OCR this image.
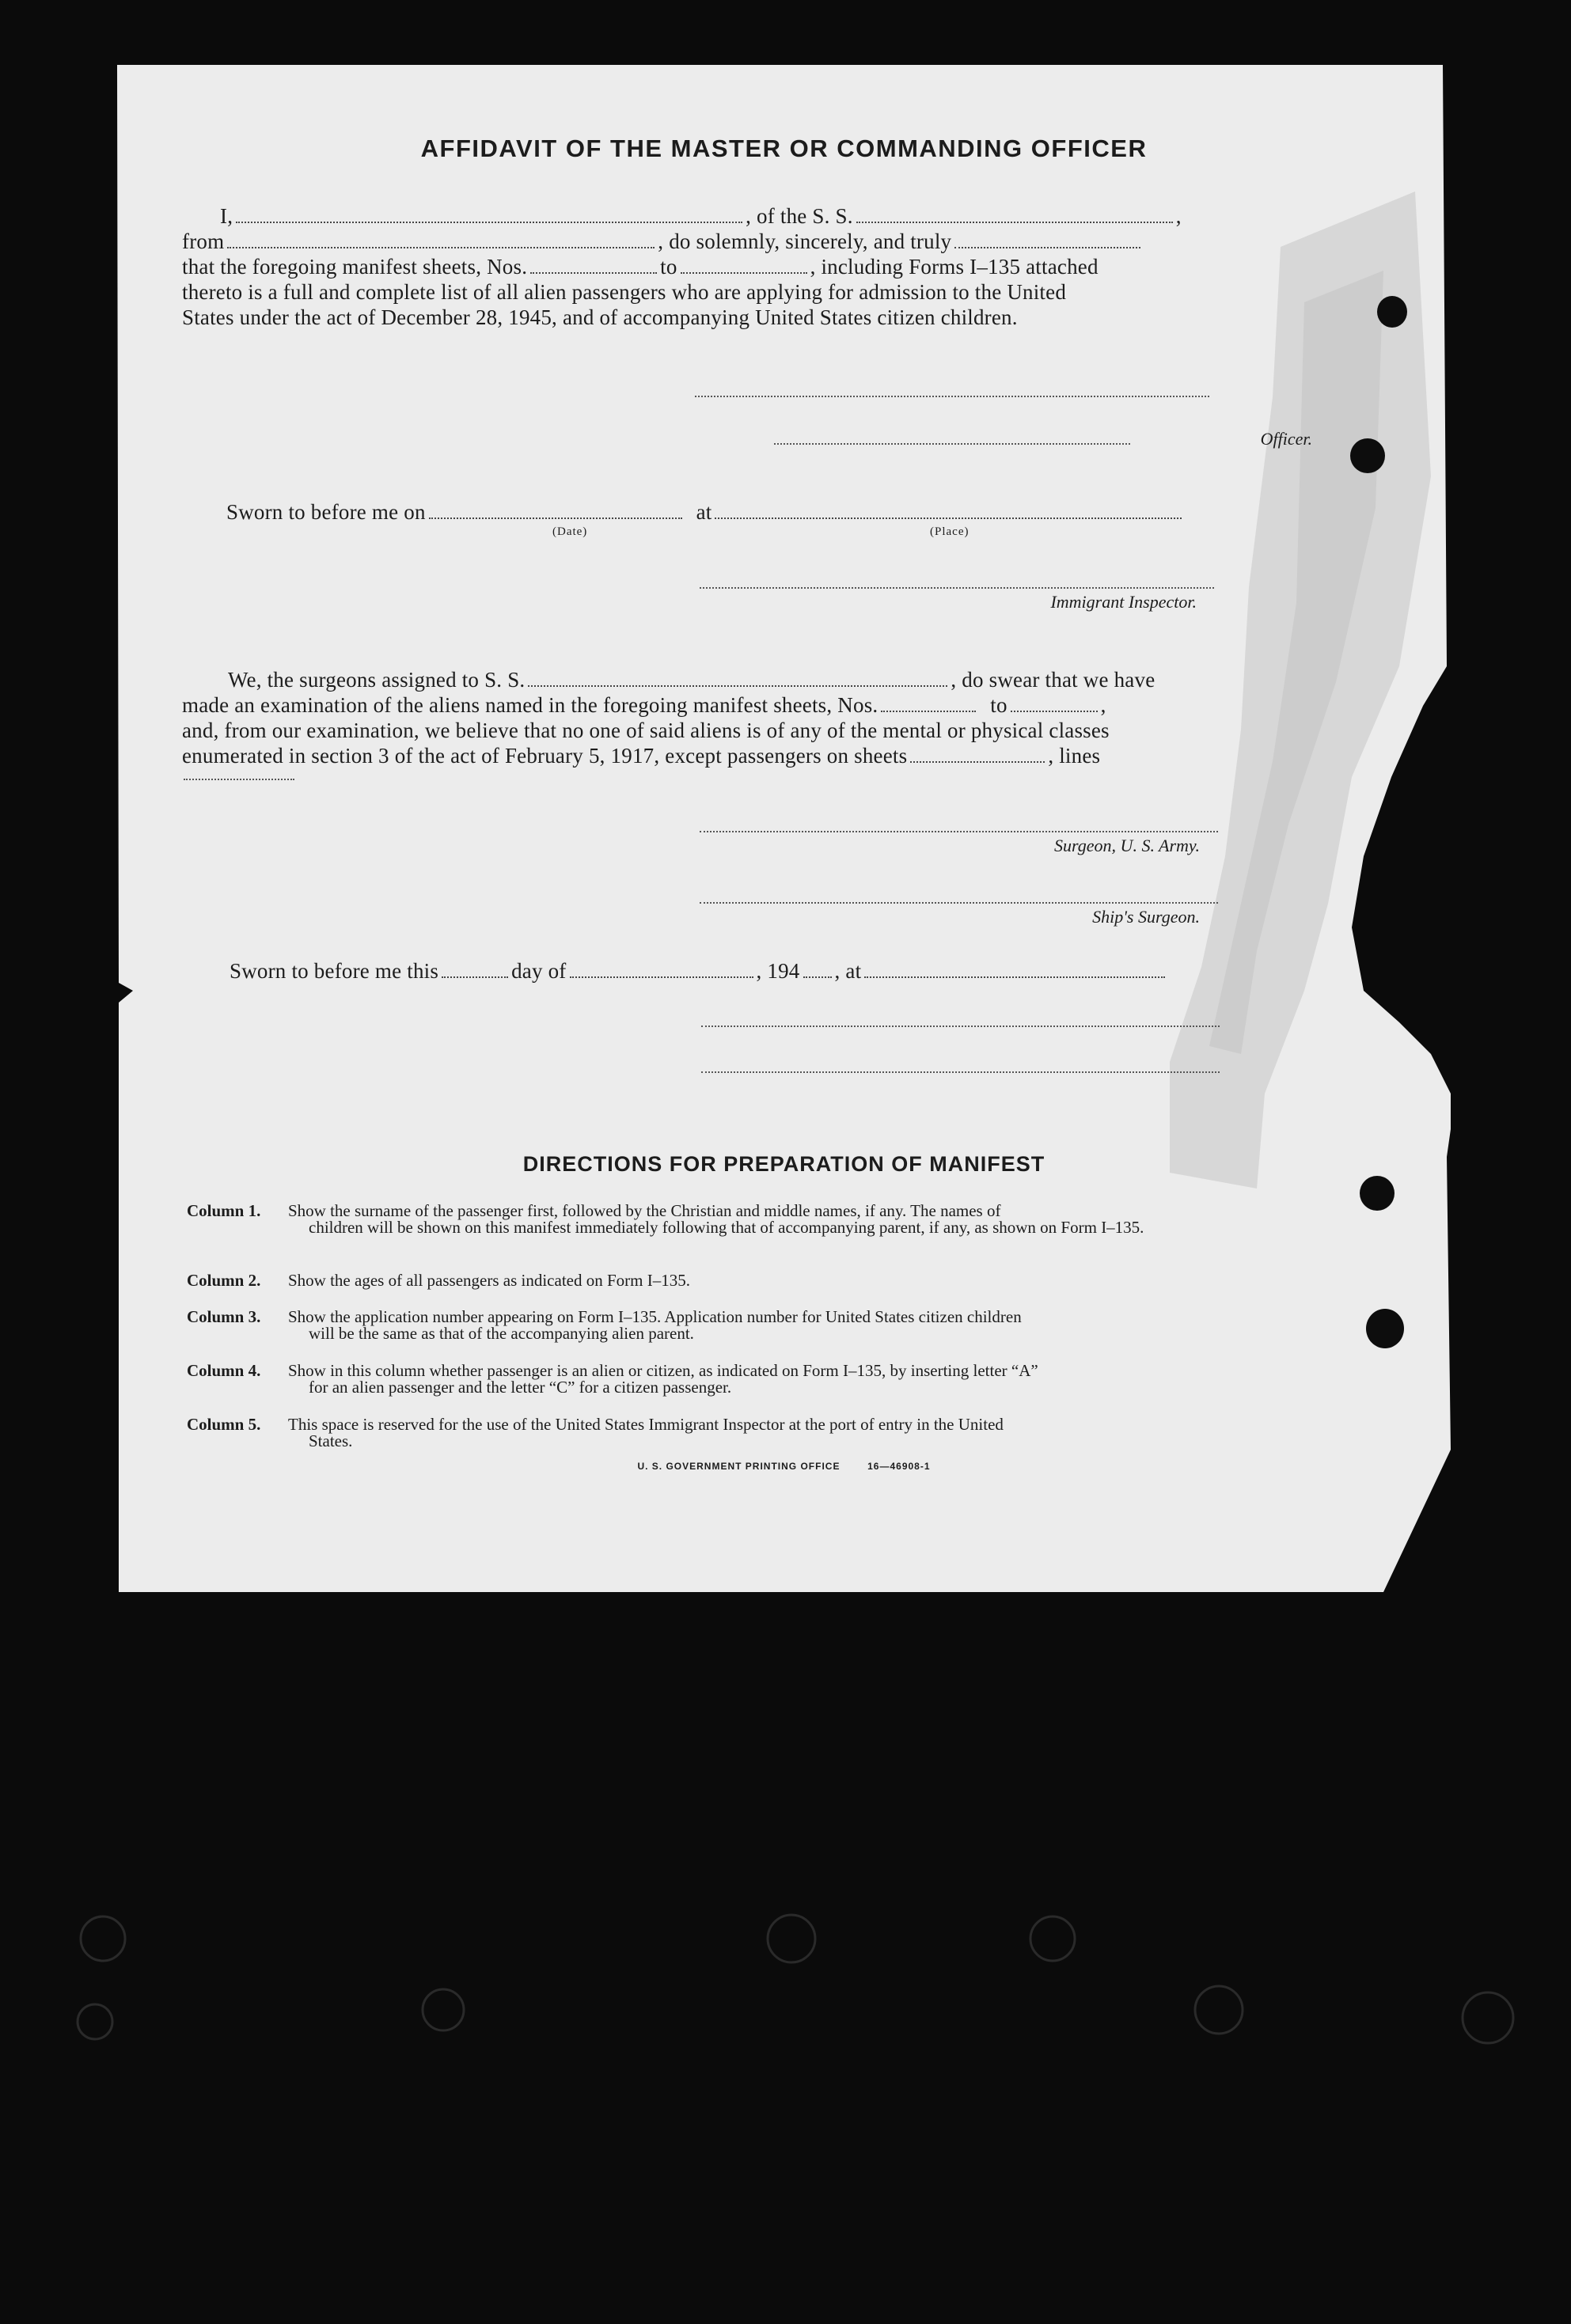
AFFIDAVIT OF THE MASTER OR COMMANDING OFFICER
I,	, of the S. S.	,
from	, do solemnly, sincerely, and truly
that the foregoing manifest sheets, Nos.	to	, including Forms I–135 attached
thereto is a full and complete list of all alien passengers who are applying for admission to the United
States under the act of December 28, 1945, and of accompanying United States citizen children.
Officer.
Sworn to before me on	at
(Date)	(Place)
Immigrant Inspector.
We, the surgeons assigned to S. S.	, do swear that we have
made an examination of the aliens named in the foregoing manifest sheets, Nos.	to	,
and, from our examination, we believe that no one of said aliens is of any of the mental or physical classes
enumerated in section 3 of the act of February 5, 1917, except passengers on sheets	, lines
Surgeon, U. S. Army.
Ship's Surgeon.
Sworn to before me this	day of	, 194 , at
DIRECTIONS FOR PREPARATION OF MANIFEST
Column 1. Show the surname of the passenger first, followed by the Christian and middle names, if any. The names of
children will be shown on this manifest immediately following that of accompanying parent, if any, as shown on Form I–135.
Column 2. Show the ages of all passengers as indicated on Form I–135.
Column 3. Show the application number appearing on Form I–135. Application number for United States citizen children
will be the same as that of the accompanying alien parent.
Column 4. Show in this column whether passenger is an alien or citizen, as indicated on Form I–135, by inserting letter “A”
for an alien passenger and the letter “C” for a citizen passenger.
Column 5. This space is reserved for the use of the United States Immigrant Inspector at the port of entry in the United
States.
U. S. GOVERNMENT PRINTING OFFICE        16—46908-1
